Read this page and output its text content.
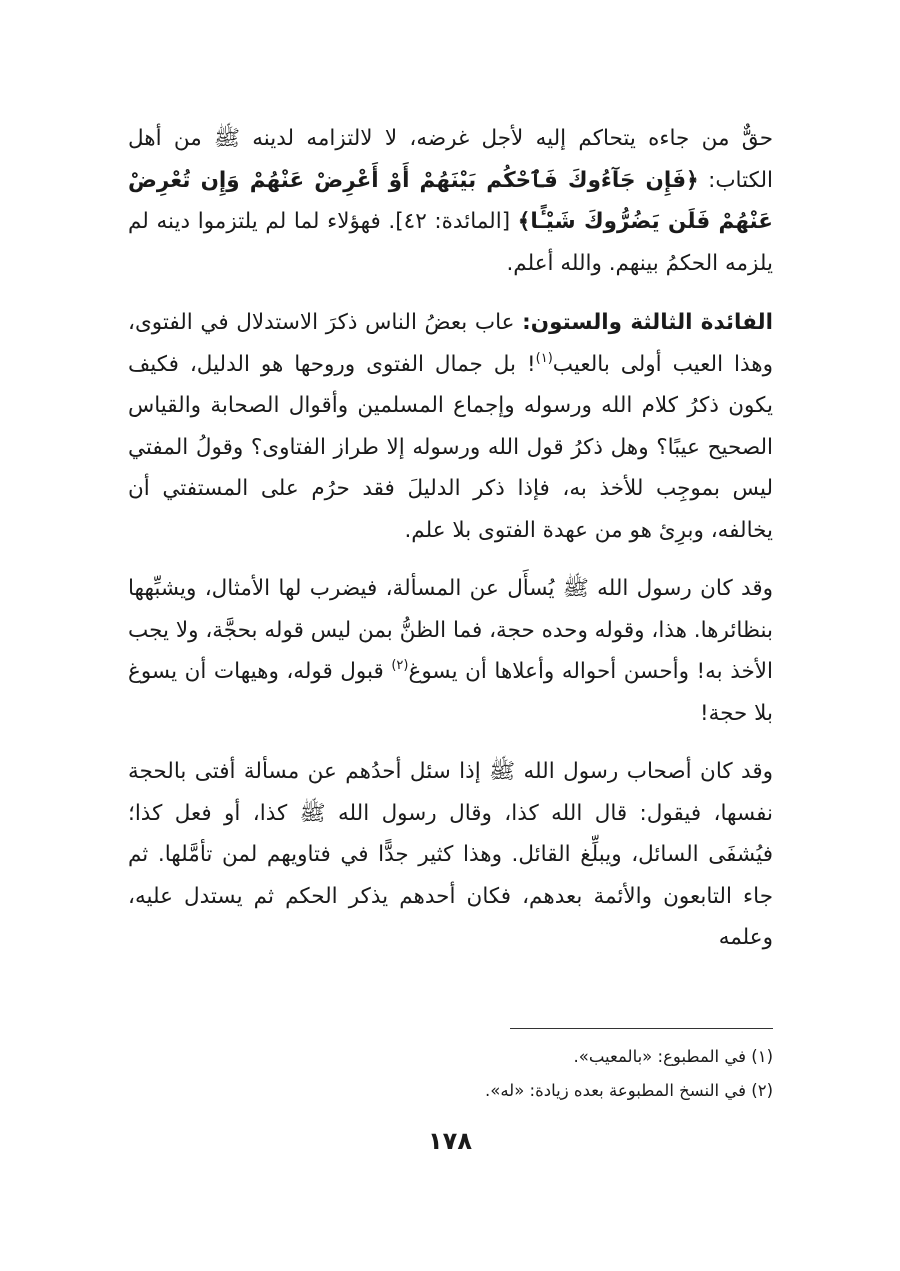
حقٌّ من جاءه يتحاكم إليه لأجل غرضه، لا لالتزامه لدينه ﷺ من أهل الكتاب: ﴿فَإِن جَآءُوكَ فَٱحْكُم بَيْنَهُمْ أَوْ أَعْرِضْ عَنْهُمْ وَإِن تُعْرِضْ عَنْهُمْ فَلَن يَضُرُّوكَ شَيْـًٔا﴾ [المائدة: ٤٢]. فهؤلاء لما لم يلتزموا دينه لم يلزمه الحكمُ بينهم. والله أعلم.

الفائدة الثالثة والستون: عاب بعضُ الناس ذكرَ الاستدلال في الفتوى، وهذا العيب أولى بالعيب$^{(١)}$! بل جمال الفتوى وروحها هو الدليل، فكيف يكون ذكرُ كلام الله ورسوله وإجماع المسلمين وأقوال الصحابة والقياس الصحيح عيبًا؟ وهل ذكرُ قول الله ورسوله إلا طراز الفتاوى؟ وقولُ المفتي ليس بموجِب للأخذ به، فإذا ذكر الدليلَ فقد حرُم على المستفتي أن يخالفه، وبرِئ هو من عهدة الفتوى بلا علم.

وقد كان رسول الله ﷺ يُسأَل عن المسألة، فيضرب لها الأمثال، ويشبِّهها بنظائرها. هذا، وقوله وحده حجة، فما الظنُّ بمن ليس قوله بحجَّة، ولا يجب الأخذ به! وأحسن أحواله وأعلاها أن يسوغ$^{(٢)}$ قبول قوله، وهيهات أن يسوغ بلا حجة!

وقد كان أصحاب رسول الله ﷺ إذا سئل أحدُهم عن مسألة أفتى بالحجة نفسها، فيقول: قال الله كذا، وقال رسول الله ﷺ كذا، أو فعل كذا؛ فيُشفَى السائل، ويبلِّغ القائل. وهذا كثير جدًّا في فتاويهم لمن تأمَّلها. ثم جاء التابعون والأئمة بعدهم، فكان أحدهم يذكر الحكم ثم يستدل عليه، وعلمه

(١) في المطبوع: «بالمعيب».
(٢) في النسخ المطبوعة بعده زيادة: «له».
١٧٨
